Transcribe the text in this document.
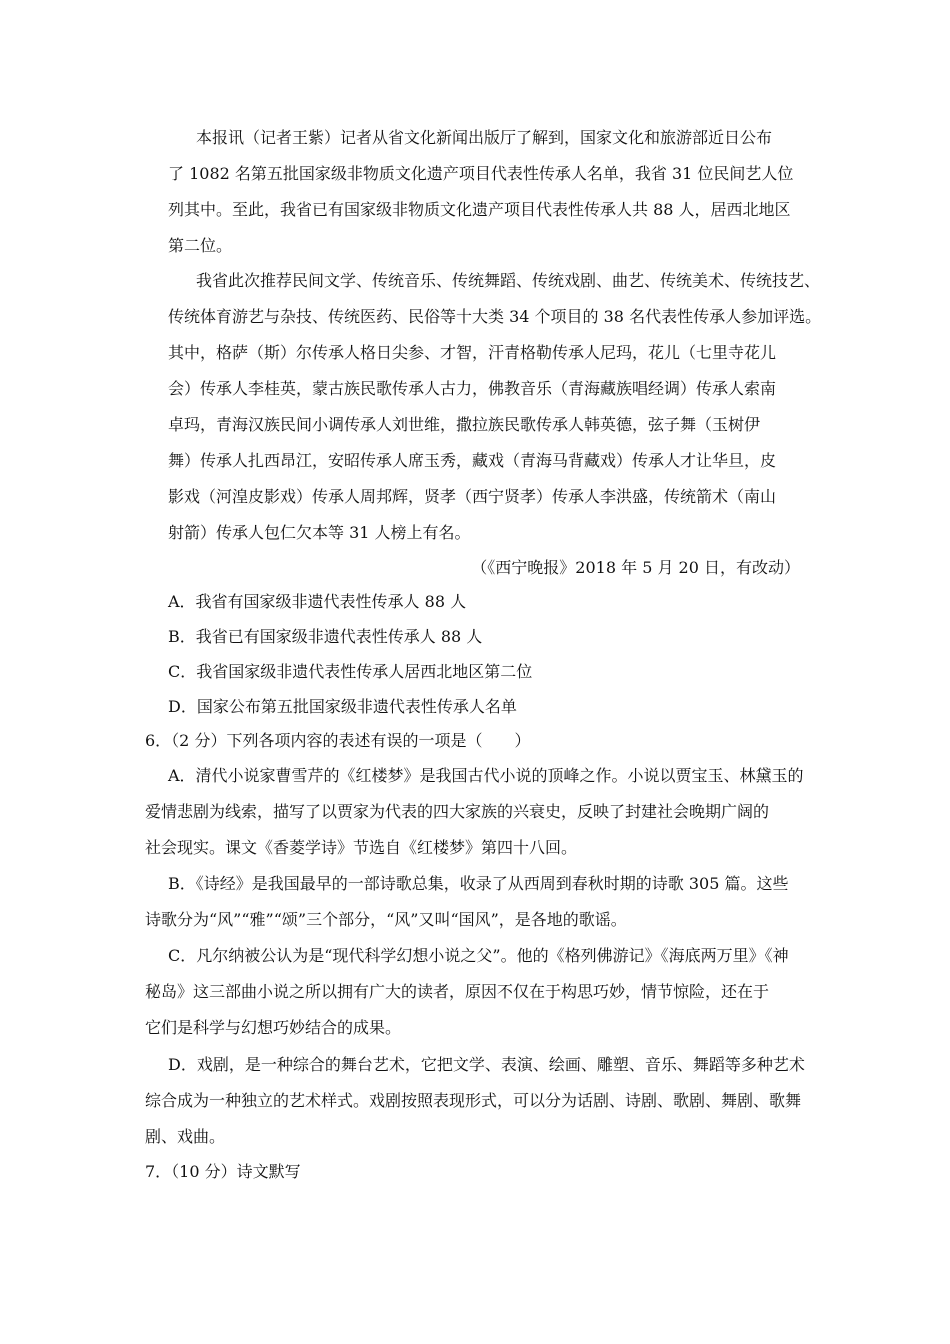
本报讯（记者王紫）记者从省文化新闻出版厅了解到，国家文化和旅游部近日公布
了 1082 名第五批国家级非物质文化遗产项目代表性传承人名单，我省 31 位民间艺人位
列其中。至此，我省已有国家级非物质文化遗产项目代表性传承人共 88 人，居西北地区
第二位。
我省此次推荐民间文学、传统音乐、传统舞蹈、传统戏剧、曲艺、传统美术、传统技艺、
传统体育游艺与杂技、传统医药、民俗等十大类 34 个项目的 38 名代表性传承人参加评选。
其中，格萨（斯）尔传承人格日尖参、才智，汗青格勒传承人尼玛，花儿（七里寺花儿
会）传承人李桂英，蒙古族民歌传承人古力，佛教音乐（青海藏族唱经调）传承人索南
卓玛，青海汉族民间小调传承人刘世维，撒拉族民歌传承人韩英德，弦子舞（玉树伊
舞）传承人扎西昂江，安昭传承人席玉秀，藏戏（青海马背藏戏）传承人才让华旦，皮
影戏（河湟皮影戏）传承人周邦辉，贤孝（西宁贤孝）传承人李洪盛，传统箭术（南山
射箭）传承人包仁欠本等 31 人榜上有名。
（《西宁晚报》2018 年 5 月 20 日，有改动）
A．我省有国家级非遗代表性传承人 88 人
B．我省已有国家级非遗代表性传承人 88 人
C．我省国家级非遗代表性传承人居西北地区第二位
D．国家公布第五批国家级非遗代表性传承人名单
6．（2 分）下列各项内容的表述有误的一项是（　　）
A．清代小说家曹雪芹的《红楼梦》是我国古代小说的顶峰之作。小说以贾宝玉、林黛玉的
爱情悲剧为线索，描写了以贾家为代表的四大家族的兴衰史，反映了封建社会晚期广阔的
社会现实。课文《香菱学诗》节选自《红楼梦》第四十八回。
B．《诗经》是我国最早的一部诗歌总集，收录了从西周到春秋时期的诗歌 305 篇。这些
诗歌分为“风”“雅”“颂”三个部分，“风”又叫“国风”，是各地的歌谣。
C．凡尔纳被公认为是“现代科学幻想小说之父”。他的《格列佛游记》《海底两万里》《神
秘岛》这三部曲小说之所以拥有广大的读者，原因不仅在于构思巧妙，情节惊险，还在于
它们是科学与幻想巧妙结合的成果。
D．戏剧，是一种综合的舞台艺术，它把文学、表演、绘画、雕塑、音乐、舞蹈等多种艺术
综合成为一种独立的艺术样式。戏剧按照表现形式，可以分为话剧、诗剧、歌剧、舞剧、歌舞
剧、戏曲。
7．（10 分）诗文默写
